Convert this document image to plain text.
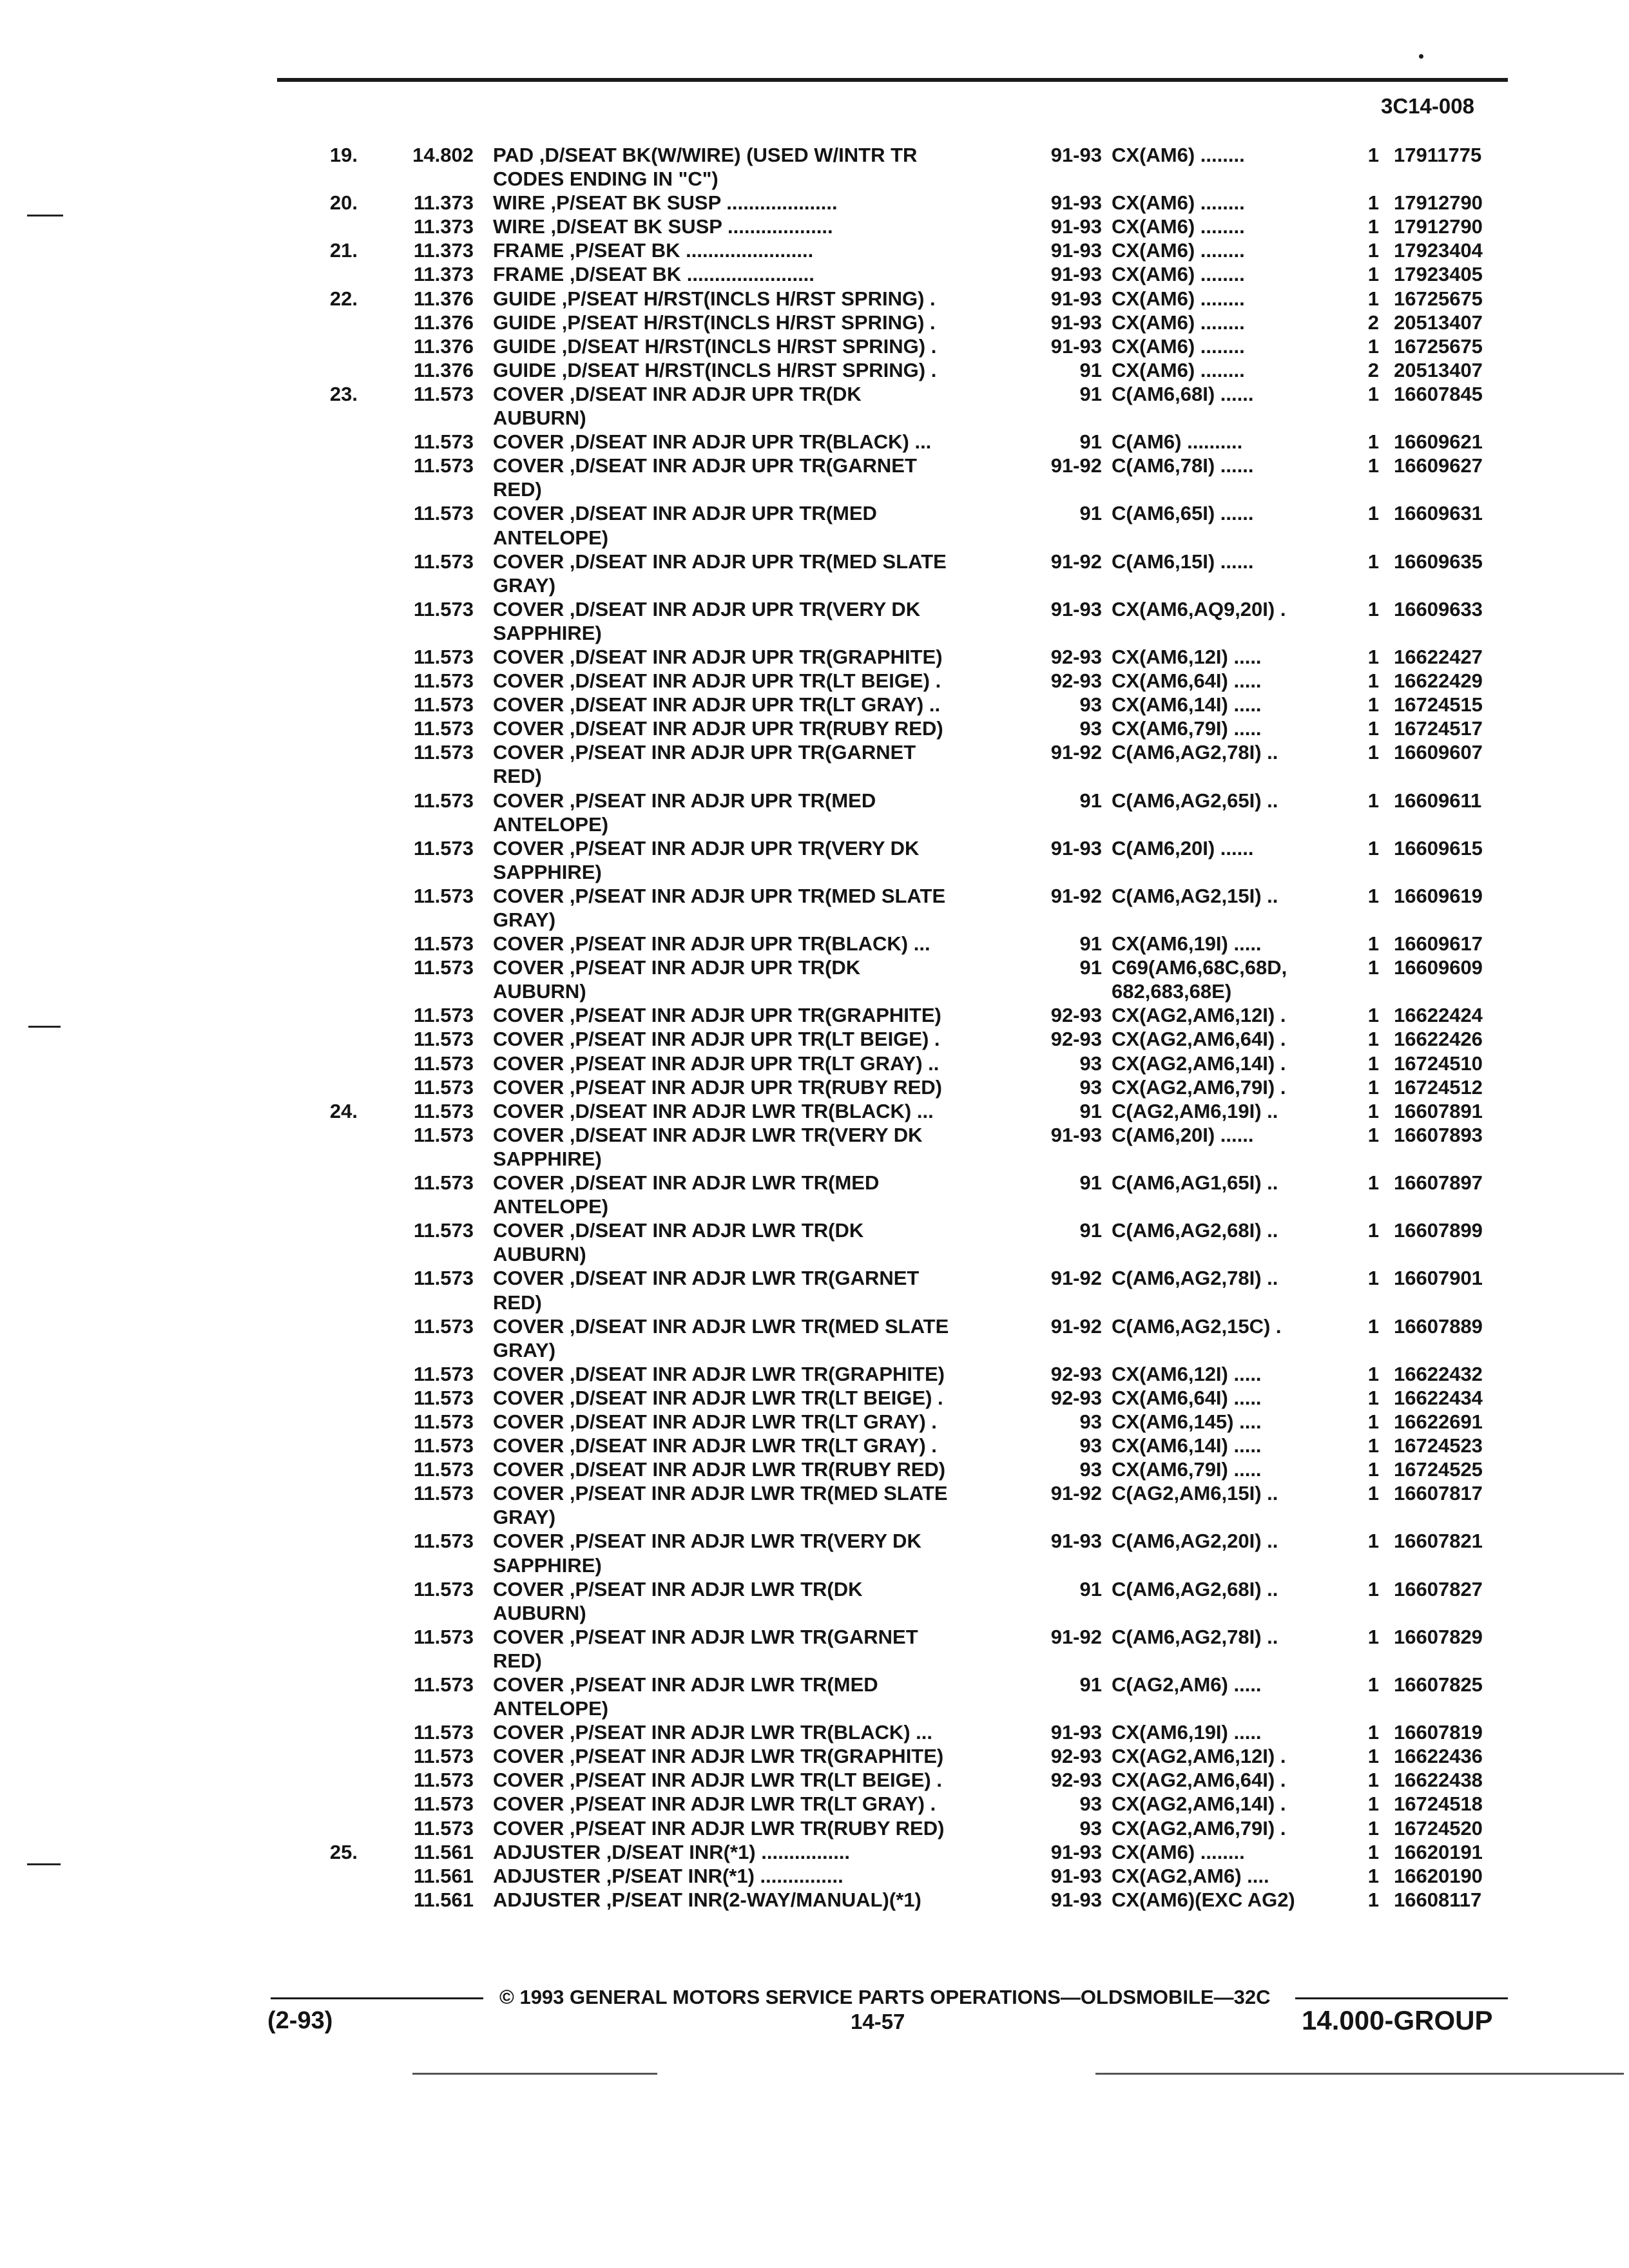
3C14-008
19.	14.802 PAD ,D/SEAT BK(W/WIRE) (USED W/INTR TR	91-93 CX(AM6) ........	1 17911775
CODES ENDING IN "C")
20.	11.373 WIRE ,P/SEAT BK SUSP ....................	91-93 CX(AM6) ........	1 17912790
11.373 WIRE ,D/SEAT BK SUSP ...................	91-93 CX(AM6) ........	1 17912790
21.	11.373 FRAME ,P/SEAT BK .......................	91-93 CX(AM6) ........	1 17923404
11.373 FRAME ,D/SEAT BK .......................	91-93 CX(AM6) ........	1 17923405
22.	11.376 GUIDE ,P/SEAT H/RST(INCLS H/RST SPRING) .	91-93 CX(AM6) ........	1 16725675
11.376 GUIDE ,P/SEAT H/RST(INCLS H/RST SPRING) .	91-93 CX(AM6) ........	2 20513407
11.376 GUIDE ,D/SEAT H/RST(INCLS H/RST SPRING) .	91-93 CX(AM6) ........	1 16725675
11.376 GUIDE ,D/SEAT H/RST(INCLS H/RST SPRING) .	91 CX(AM6) ........	2 20513407
23.	11.573 COVER ,D/SEAT INR ADJR UPR TR(DK	91 C(AM6,68I) ......	1 16607845
AUBURN)
11.573 COVER ,D/SEAT INR ADJR UPR TR(BLACK) ...	91 C(AM6) ..........	1 16609621
11.573 COVER ,D/SEAT INR ADJR UPR TR(GARNET	91-92 C(AM6,78I) ......	1 16609627
RED)
11.573 COVER ,D/SEAT INR ADJR UPR TR(MED	91 C(AM6,65I) ......	1 16609631
ANTELOPE)
11.573 COVER ,D/SEAT INR ADJR UPR TR(MED SLATE	91-92 C(AM6,15I) ......	1 16609635
GRAY)
11.573 COVER ,D/SEAT INR ADJR UPR TR(VERY DK	91-93 CX(AM6,AQ9,20I) .	1 16609633
SAPPHIRE)
11.573 COVER ,D/SEAT INR ADJR UPR TR(GRAPHITE)	92-93 CX(AM6,12I) .....	1 16622427
11.573 COVER ,D/SEAT INR ADJR UPR TR(LT BEIGE) .	92-93 CX(AM6,64I) .....	1 16622429
11.573 COVER ,D/SEAT INR ADJR UPR TR(LT GRAY) ..	93 CX(AM6,14I) .....	1 16724515
11.573 COVER ,D/SEAT INR ADJR UPR TR(RUBY RED)	93 CX(AM6,79I) .....	1 16724517
11.573 COVER ,P/SEAT INR ADJR UPR TR(GARNET	91-92 C(AM6,AG2,78I) ..	1 16609607
RED)
11.573 COVER ,P/SEAT INR ADJR UPR TR(MED	91 C(AM6,AG2,65I) ..	1 16609611
ANTELOPE)
11.573 COVER ,P/SEAT INR ADJR UPR TR(VERY DK	91-93 C(AM6,20I) ......	1 16609615
SAPPHIRE)
11.573 COVER ,P/SEAT INR ADJR UPR TR(MED SLATE	91-92 C(AM6,AG2,15I) ..	1 16609619
GRAY)
11.573 COVER ,P/SEAT INR ADJR UPR TR(BLACK) ...	91 CX(AM6,19I) .....	1 16609617
11.573 COVER ,P/SEAT INR ADJR UPR TR(DK	91 C69(AM6,68C,68D,	1 16609609
AUBURN)	682,683,68E)
11.573 COVER ,P/SEAT INR ADJR UPR TR(GRAPHITE)	92-93 CX(AG2,AM6,12I) .	1 16622424
11.573 COVER ,P/SEAT INR ADJR UPR TR(LT BEIGE) .	92-93 CX(AG2,AM6,64I) .	1 16622426
11.573 COVER ,P/SEAT INR ADJR UPR TR(LT GRAY) ..	93 CX(AG2,AM6,14I) .	1 16724510
11.573 COVER ,P/SEAT INR ADJR UPR TR(RUBY RED)	93 CX(AG2,AM6,79I) .	1 16724512
24.	11.573 COVER ,D/SEAT INR ADJR LWR TR(BLACK) ...	91 C(AG2,AM6,19I) ..	1 16607891
11.573 COVER ,D/SEAT INR ADJR LWR TR(VERY DK	91-93 C(AM6,20I) ......	1 16607893
SAPPHIRE)
11.573 COVER ,D/SEAT INR ADJR LWR TR(MED	91 C(AM6,AG1,65I) ..	1 16607897
ANTELOPE)
11.573 COVER ,D/SEAT INR ADJR LWR TR(DK	91 C(AM6,AG2,68I) ..	1 16607899
AUBURN)
11.573 COVER ,D/SEAT INR ADJR LWR TR(GARNET	91-92 C(AM6,AG2,78I) ..	1 16607901
RED)
11.573 COVER ,D/SEAT INR ADJR LWR TR(MED SLATE	91-92 C(AM6,AG2,15C) .	1 16607889
GRAY)
11.573 COVER ,D/SEAT INR ADJR LWR TR(GRAPHITE)	92-93 CX(AM6,12I) .....	1 16622432
11.573 COVER ,D/SEAT INR ADJR LWR TR(LT BEIGE) .	92-93 CX(AM6,64I) .....	1 16622434
11.573 COVER ,D/SEAT INR ADJR LWR TR(LT GRAY) .	93 CX(AM6,145) ....	1 16622691
11.573 COVER ,D/SEAT INR ADJR LWR TR(LT GRAY) .	93 CX(AM6,14I) .....	1 16724523
11.573 COVER ,D/SEAT INR ADJR LWR TR(RUBY RED)	93 CX(AM6,79I) .....	1 16724525
11.573 COVER ,P/SEAT INR ADJR LWR TR(MED SLATE	91-92 C(AG2,AM6,15I) ..	1 16607817
GRAY)
11.573 COVER ,P/SEAT INR ADJR LWR TR(VERY DK	91-93 C(AM6,AG2,20I) ..	1 16607821
SAPPHIRE)
11.573 COVER ,P/SEAT INR ADJR LWR TR(DK	91 C(AM6,AG2,68I) ..	1 16607827
AUBURN)
11.573 COVER ,P/SEAT INR ADJR LWR TR(GARNET	91-92 C(AM6,AG2,78I) ..	1 16607829
RED)
11.573 COVER ,P/SEAT INR ADJR LWR TR(MED	91 C(AG2,AM6) .....	1 16607825
ANTELOPE)
11.573 COVER ,P/SEAT INR ADJR LWR TR(BLACK) ...	91-93 CX(AM6,19I) .....	1 16607819
11.573 COVER ,P/SEAT INR ADJR LWR TR(GRAPHITE)	92-93 CX(AG2,AM6,12I) .	1 16622436
11.573 COVER ,P/SEAT INR ADJR LWR TR(LT BEIGE) .	92-93 CX(AG2,AM6,64I) .	1 16622438
11.573 COVER ,P/SEAT INR ADJR LWR TR(LT GRAY) .	93 CX(AG2,AM6,14I) .	1 16724518
11.573 COVER ,P/SEAT INR ADJR LWR TR(RUBY RED)	93 CX(AG2,AM6,79I) .	1 16724520
25.	11.561 ADJUSTER ,D/SEAT INR(*1) ................	91-93 CX(AM6) ........	1 16620191
11.561 ADJUSTER ,P/SEAT INR(*1) ...............	91-93 CX(AG2,AM6) ....	1 16620190
11.561 ADJUSTER ,P/SEAT INR(2-WAY/MANUAL)(*1)	91-93 CX(AM6)(EXC AG2)	1 16608117
© 1993 GENERAL MOTORS SERVICE PARTS OPERATIONS—OLDSMOBILE—32C
(2-93)	14-57	14.000-GROUP
